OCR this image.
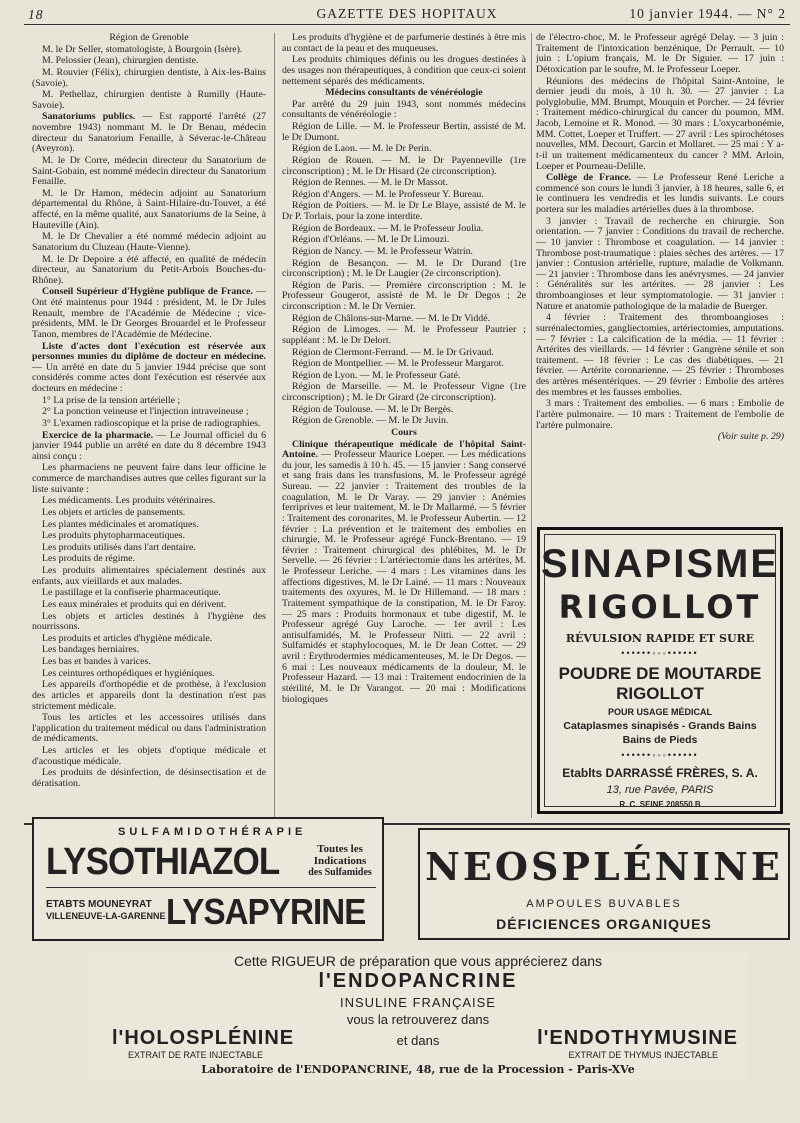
18	GAZETTE DES HOPITAUX	10 janvier 1944. — N° 2

Région de Grenoble

M. le Dr Seller, stomatologiste, à Bourgoin (Isère).

M. Pelossier (Jean), chirurgien dentiste.

M. Rouvier (Félix), chirurgien dentiste, à Aix-les-Bains (Savoie).

M. Pethellaz, chirurgien dentiste à Rumilly (Haute-Savoie).

Sanatoriums publics. — Est rapporté l'arrêté (27 novembre 1943) nommant M. le Dr Benau, médecin directeur du Sanatorium Fenaille, à Séverac-le-Château (Aveyron).

M. le Dr Corre, médecin directeur du Sanatorium de Saint-Gobain, est nommé médecin directeur du Sanatorium Fenaille.

M. le Dr Hamon, médecin adjoint au Sanatorium départemental du Rhône, à Saint-Hilaire-du-Touvet, a été affecté, en la même qualité, aux Sanatoriums de la Seine, à Hauteville (Ain).

M. le Dr Chevalier a été nommé médecin adjoint au Sanatorium du Cluzeau (Haute-Vienne).

M. le Dr Depoire a été affecté, en qualité de médecin directeur, au Sanatorium du Petit-Arbois Bouches-du-Rhône).

Conseil Supérieur d'Hygiène publique de France. — Ont été maintenus pour 1944 : président, M. le Dr Jules Renault, membre de l'Académie de Médecine ; vice-présidents, MM. le Dr Georges Brouardel et le Professeur Tanon, membres de l'Académie de Médecine.

Liste d'actes dont l'exécution est réservée aux personnes munies du diplôme de docteur en médecine. — Un arrêté en date du 5 janvier 1944 précise que sont considérés comme actes dont l'exécution est réservée aux docteurs en médecine :

1° La prise de la tension artérielle ;

2° La ponction veineuse et l'injection intraveineuse ;

3° L'examen radioscopique et la prise de radiographies.

Exercice de la pharmacie. — Le Journal officiel du 6 janvier 1944 publie un arrêté en date du 8 décembre 1943 ainsi conçu :

Les pharmaciens ne peuvent faire dans leur officine le commerce de marchandises autres que celles figurant sur la liste suivante :

Les médicaments. Les produits vétérinaires.

Les objets et articles de pansements.

Les plantes médicinales et aromatiques.

Les produits phytopharmaceutiques.

Les produits utilisés dans l'art dentaire.

Les produits de régime.

Les produits alimentaires spécialement destinés aux enfants, aux vieillards et aux malades.

Le pastillage et la confiserie pharmaceutique.

Les eaux minérales et produits qui en dérivent.

Les objets et articles destinés à l'hygiène des nourrissons.

Les produits et articles d'hygiène médicale.

Les bandages herniaires.

Les bas et bandes à varices.

Les ceintures orthopédiques et hygiéniques.

Les appareils d'orthopédie et de prothèse, à l'exclusion des articles et appareils dont la destination n'est pas strictement médicale.

Tous les articles et les accessoires utilisés dans l'application du traitement médical ou dans l'administration de médicaments.

Les articles et les objets d'optique médicale et d'acoustique médicale.

Les produits de désinfection, de désinsectisation et de dératisation.

Les produits d'hygiène et de parfumerie destinés à être mis au contact de la peau et des muqueuses.

Les produits chimiques définis ou les drogues destinées à des usages non thérapeutiques, à condition que ceux-ci soient nettement séparés des médicaments.

Médecins consultants de vénéréologie

Par arrêté du 29 juin 1943, sont nommés médecins consultants de vénéréologie :

Région de Lille. — M. le Professeur Bertin, assisté de M. le Dr Dumont.

Région de Laon. — M. le Dr Perin.

Région de Rouen. — M. le Dr Payenneville (1re circonscription) ; M. le Dr Hisard (2e circonscription).

Région de Rennes. — M. le Dr Massot.

Région d'Angers. — M. le Professeur Y. Bureau.

Région de Poitiers. — M. le Dr Le Blaye, assisté de M. le Dr P. Torlais, pour la zone interdite.

Région de Bordeaux. — M. le Professeur Joulia.

Région d'Orléans. — M. le Dr Limouzi.

Région de Nancy. — M. le Professeur Watrin.

Région de Besançon. — M. le Dr Durand (1re circonscription) ; M. le Dr Laugier (2e circonscription).

Région de Paris. — Première circonscription : M. le Professeur Gougerot, assisté de M. le Dr Degos ; 2e circonscription : M. le Dr Vernier.

Région de Châlons-sur-Marne. — M. le Dr Viddé.

Région de Limoges. — M. le Professeur Pautrier ; suppléant : M. le Dr Delort.

Région de Clermont-Ferrand. — M. le Dr Grivaud.

Région de Montpellier. — M. le Professeur Margarot.

Région de Lyon. — M. le Professeur Gaté.

Région de Marseille. — M. le Professeur Vigne (1re circonscription) ; M. le Dr Girard (2e circonscription).

Région de Toulouse. — M. le Dr Bergès.

Région de Grenoble. — M. le Dr Juvin.

Cours

Clinique thérapeutique médicale de l'hôpital Saint-Antoine. — Professeur Maurice Loeper. — Les médications du jour, les samedis à 10 h. 45. — 15 janvier : Sang conservé et sang frais dans les transfusions, M. le Professeur agrégé Sureau. — 22 janvier : Traitement des troubles de la coagulation, M. le Dr Varay. — 29 janvier : Anémies ferriprives et leur traitement, M. le Dr Mallarmé. — 5 février : Traitement des coronarites, M. le Professeur Aubertin. — 12 février : La prévention et le traitement des embolies en chirurgie, M. le Professeur agrégé Funck-Brentano. — 19 février : Traitement chirurgical des phlébites, M. le Dr Servelle. — 26 février : L'artériectomie dans les artérites, M. le Professeur Leriche. — 4 mars : Les vitamines dans les affections digestives, M. le Dr Lainé. — 11 mars : Nouveaux traitements des oxyures, M. le Dr Hillemand. — 18 mars : Traitement sympathique de la constipation, M. le Dr Faroy. — 25 mars : Produits hormonaux et tube digestif, M. le Professeur agrégé Guy Laroche. — 1er avril : Les antisulfamidés, M. le Professeur Nitti. — 22 avril : Sulfamidés et staphylocoques, M. le Dr Jean Cottet. — 29 avril : Erythrodermies médicamenteuses, M. le Dr Degos. — 6 mai : Les nouveaux médicaments de la douleur, M. le Professeur Hazard. — 13 mai : Traitement endocrinien de la stérilité, M. le Dr Varangot. — 20 mai : Modifications biologiques

de l'électro-choc, M. le Professeur agrégé Delay. — 3 juin : Traitement de l'intoxication benzénique, Dr Perrault. — 10 juin : L'opium français, M. le Dr Siguier. — 17 juin : Détoxication par le soufre, M. le Professeur Loeper.

Réunions des médecins de l'hôpital Saint-Antoine, le dernier jeudi du mois, à 10 h. 30. — 27 janvier : La polyglobulie, MM. Brumpt, Mouquin et Porcher. — 24 février : Traitement médico-chirurgical du cancer du poumon, MM. Jacob, Lemoine et R. Monod. — 30 mars : L'oxycarbonémie, MM. Cottet, Loeper et Truffert. — 27 avril : Les spirochétoses nouvelles, MM. Decourt, Garcin et Mollaret. — 25 mai : Y a-t-il un traitement médicamenteux du cancer ? MM. Arloin, Loeper et Pourneau-Delille.

Collège de France. — Le Professeur René Leriche a commencé son cours le lundi 3 janvier, à 18 heures, salle 6, et le continuera les vendredis et les lundis suivants. Le cours portera sur les maladies artérielles dues à la thrombose.

3 janvier : Travail de recherche en chirurgie. Son orientation. — 7 janvier : Conditions du travail de recherche. — 10 janvier : Thrombose et coagulation. — 14 janvier : Thrombose post-traumatique : plaies sèches des artères. — 17 janvier : Contusion artérielle, rupture, maladie de Volkmann. — 21 janvier : Thrombose dans les anévrysmes. — 24 janvier : Généralités sur les artérites. — 28 janvier : Les thromboangioses et leur symptomatologie. — 31 janvier : Nature et anatomie pathologique de la maladie de Buerger.

4 février : Traitement des thromboangioses : surrénalectomies, gangliectomies, artériectomies, amputations. — 7 février : La calcification de la média. — 11 février : Artérites des vieillards. — 14 février : Gangrène sénile et son traitement. — 18 février : Le cas des diabétiques. — 21 février. — Artérite coronarienne. — 25 février : Thromboses des artères mésentériques. — 29 février : Embolie des artères des membres et les fausses embolies.

3 mars : Traitement des embolies. — 6 mars : Embolie de l'artère pulmonaire. — 10 mars : Traitement de l'embolie de l'artère pulmonaire.

(Voir suite p. 29)

SINAPISME
RIGOLLOT
RÉVULSION RAPIDE ET SURE
••••••◦◦◦••••••
POUDRE DE MOUTARDE
RIGOLLOT
POUR USAGE MÉDICAL
Cataplasmes sinapisés - Grands Bains
Bains de Pieds
••••••◦◦◦••••••
Etablts DARRASSÉ FRÈRES, S. A.
13, rue Pavée, PARIS
R. C. SEINE 208550 B
SULFAMIDOTHÉRAPIE
LYSOTHIAZOL	Toutes les
Indications
des Sulfamides
ETABTS MOUNEYRAT
VILLENEUVE-LA-GARENNE LYSAPYRINE
NEOSPLÉNINE
AMPOULES BUVABLES
DÉFICIENCES ORGANIQUES
Cette RIGUEUR de préparation que vous apprécierez dans
l'ENDOPANCRINE
INSULINE FRANÇAISE
vous la retrouverez dans
l'HOLOSPLÉNINE	et dans	l'ENDOTHYMUSINE
EXTRAIT DE RATE INJECTABLE	EXTRAIT DE THYMUS INJECTABLE
Laboratoire de l'ENDOPANCRINE, 48, rue de la Procession - Paris-XVe
